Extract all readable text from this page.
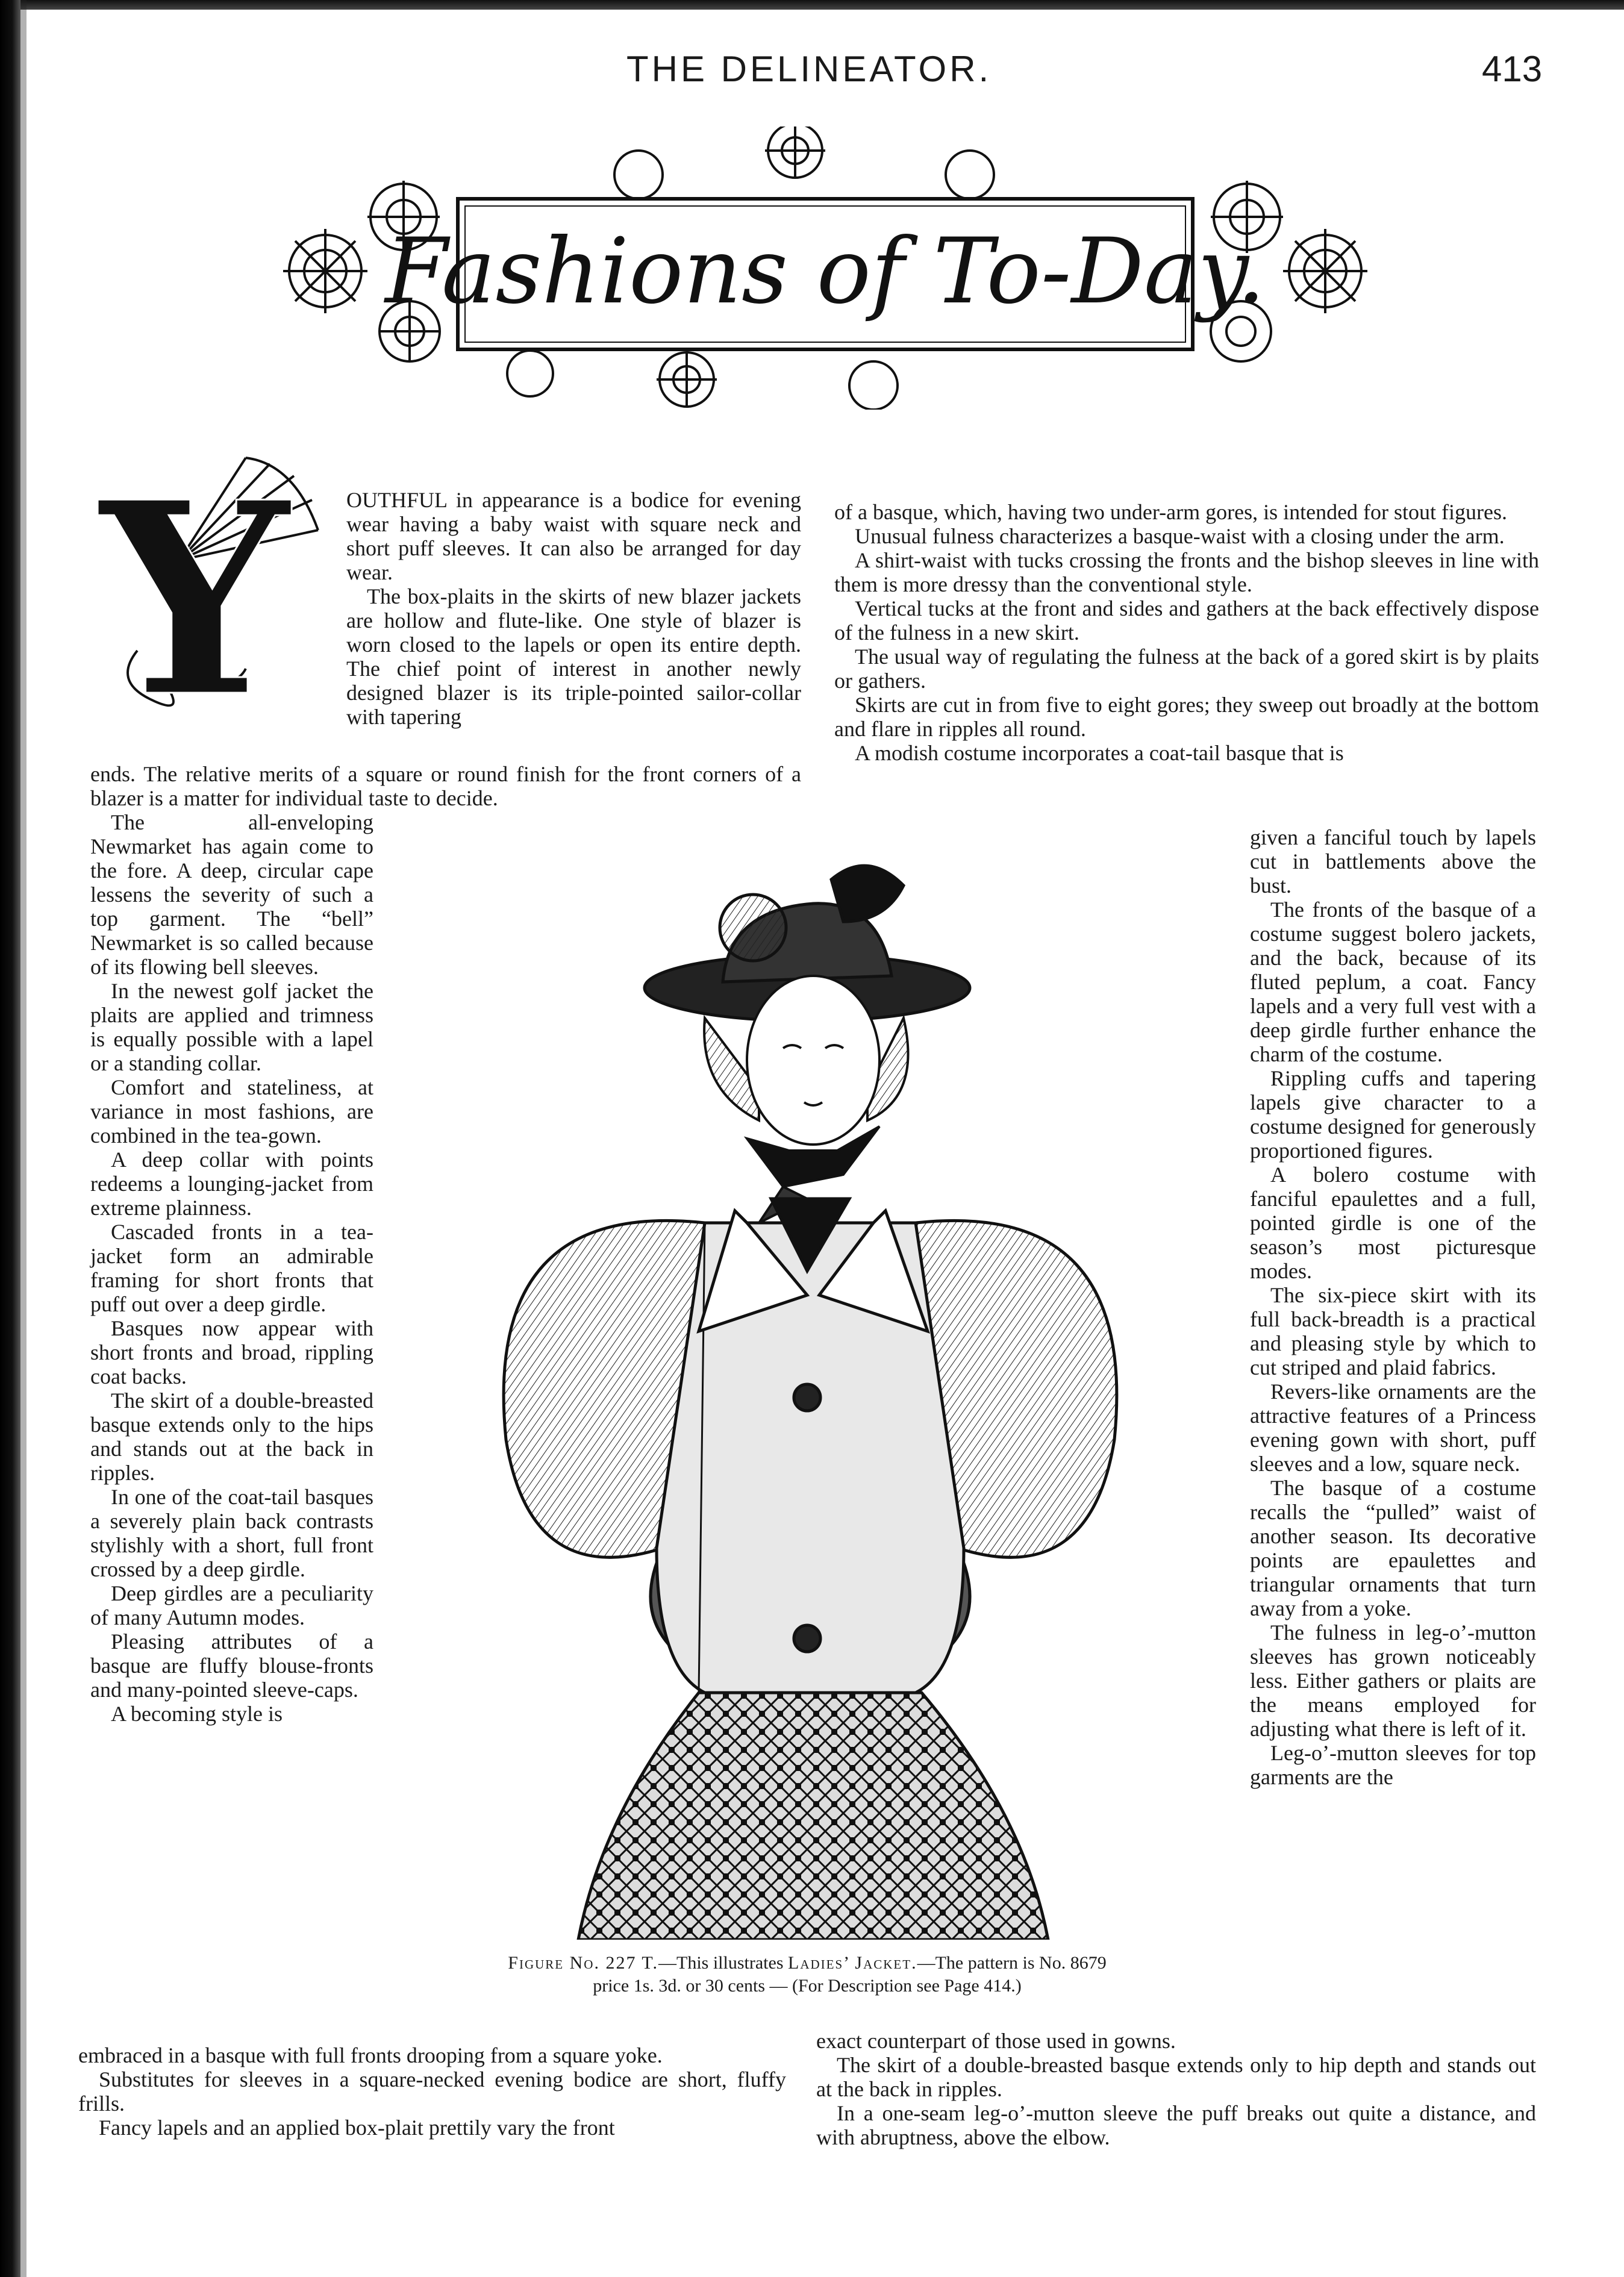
THE DELINEATOR.	413
Fashions of To-Day.
Y	OUTHFUL in appearance is a bodice for evening wear having a baby waist with square neck and short puff sleeves. It can also be arranged for day wear.

The box-plaits in the skirts of new blazer jackets are hollow and flute-like. One style of blazer is worn closed to the lapels or open its entire depth. The chief point of interest in another newly designed blazer is its triple-pointed sailor-collar with tapering

ends. The relative merits of a square or round finish for the front corners of a blazer is a matter for individual taste to decide.

The all-enveloping Newmarket has again come to the fore. A deep, circular cape lessens the severity of such a top garment. The “bell” Newmarket is so called because of its flowing bell sleeves.

In the newest golf jacket the plaits are applied and trimness is equally possible with a lapel or a standing collar.

Comfort and stateliness, at variance in most fashions, are combined in the tea-gown.

A deep collar with points redeems a lounging-jacket from extreme plainness.

Cascaded fronts in a tea-jacket form an admirable framing for short fronts that puff out over a deep girdle.

Basques now appear with short fronts and broad, rippling coat backs.

The skirt of a double-breasted basque extends only to the hips and stands out at the back in ripples.

In one of the coat-tail basques a severely plain back contrasts stylishly with a short, full front crossed by a deep girdle.

Deep girdles are a peculiarity of many Autumn modes.

Pleasing attributes of a basque are fluffy blouse-fronts and many-pointed sleeve-caps.

A becoming style is

of a basque, which, having two under-arm gores, is intended for stout figures.

Unusual fulness characterizes a basque-waist with a closing under the arm.

A shirt-waist with tucks crossing the fronts and the bishop sleeves in line with them is more dressy than the conventional style.

Vertical tucks at the front and sides and gathers at the back effectively dispose of the fulness in a new skirt.

The usual way of regulating the fulness at the back of a gored skirt is by plaits or gathers.

Skirts are cut in from five to eight gores; they sweep out broadly at the bottom and flare in ripples all round.

A modish costume incorporates a coat-tail basque that is

given a fanciful touch by lapels cut in battlements above the bust.

The fronts of the basque of a costume suggest bolero jackets, and the back, because of its fluted peplum, a coat. Fancy lapels and a very full vest with a deep girdle further enhance the charm of the costume.

Rippling cuffs and tapering lapels give character to a costume designed for generously proportioned figures.

A bolero costume with fanciful epaulettes and a full, pointed girdle is one of the season’s most picturesque modes.

The six-piece skirt with its full back-breadth is a practical and pleasing style by which to cut striped and plaid fabrics.

Revers-like ornaments are the attractive features of a Princess evening gown with short, puff sleeves and a low, square neck.

The basque of a costume recalls the “pulled” waist of another season. Its decorative points are epaulettes and triangular ornaments that turn away from a yoke.

The fulness in leg-o’-mutton sleeves has grown noticeably less. Either gathers or plaits are the means employed for adjusting what there is left of it.

Leg-o’-mutton sleeves for top garments are the

Figure No. 227 T.—This illustrates Ladies’ Jacket.—The pattern is No. 8679
price 1s. 3d. or 30 cents — (For Description see Page 414.)

embraced in a basque with full fronts drooping from a square yoke.

Substitutes for sleeves in a square-necked evening bodice are short, fluffy frills.

Fancy lapels and an applied box-plait prettily vary the front

exact counterpart of those used in gowns.

The skirt of a double-breasted basque extends only to hip depth and stands out at the back in ripples.

In a one-seam leg-o’-mutton sleeve the puff breaks out quite a distance, and with abruptness, above the elbow.
